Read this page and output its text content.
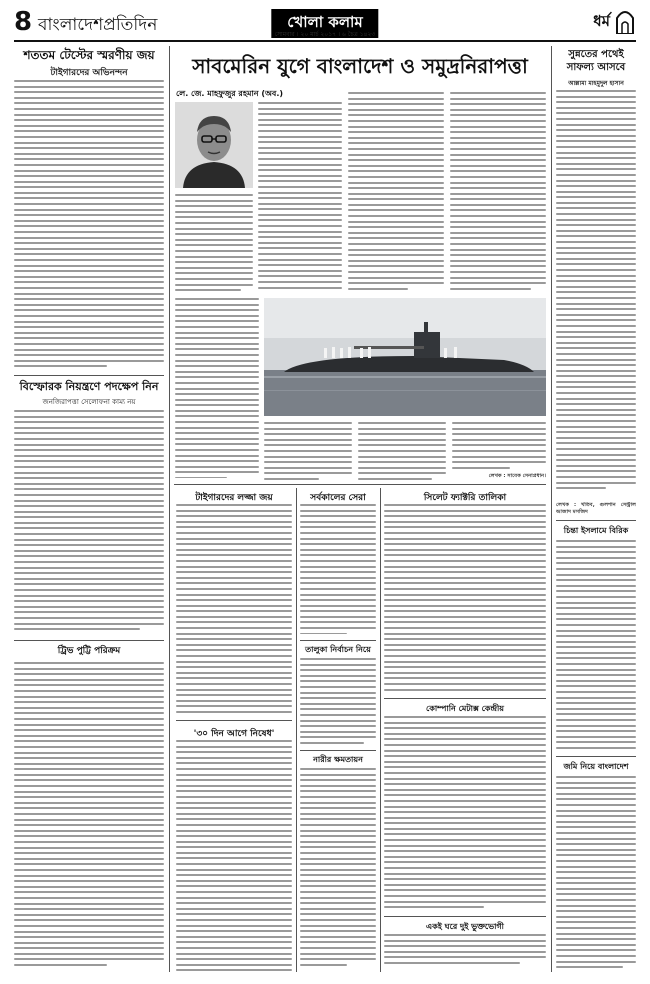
8 বাংলাদেশপ্রতিদিন	খোলা কলাম
সোমবার । ২০ মার্চ ২০১৭ । ৬ চৈত্র ১৪২৩
ধর্ম
শততম টেস্টের স্মরণীয় জয়
টাইগারদের অভিনন্দন
বিস্ফোরক নিয়ন্ত্রণে পদক্ষেপ নিন
জনজিরাপত্তা সেলোফনা কাম্য নয়
ট্রিভ পুট্টি পরিক্রম
সাবমেরিন যুগে বাংলাদেশ ও সমুদ্রনিরাপত্তা
লে. জে. মাহফুজুর রহমান (অব.)
লেখক : সাবেক সেনাপ্রধান।
টাইগারদের লজ্জা জয়
'৩০ দিন আগে নিষেধ'
সর্বকালের সেরা
তালুকা নির্বাচন নিয়ে
নারীর ক্ষমতায়ন
সিলেট ফ্যাক্টরি তালিকা
কোম্পানি মেটাক্স কেন্দ্রীয়
একই ঘরে দুই ভুক্তভোগী
সুন্নতের পথেই সাফল্য আসবে
আল্লামা মাহমুদুল হাসান
লেখক : খতিব, গুলশান সেন্ট্রাল আজাদ মসজিদ
চিন্তা ইসলামে বিরিক
জমি নিয়ে বাংলাদেশ
